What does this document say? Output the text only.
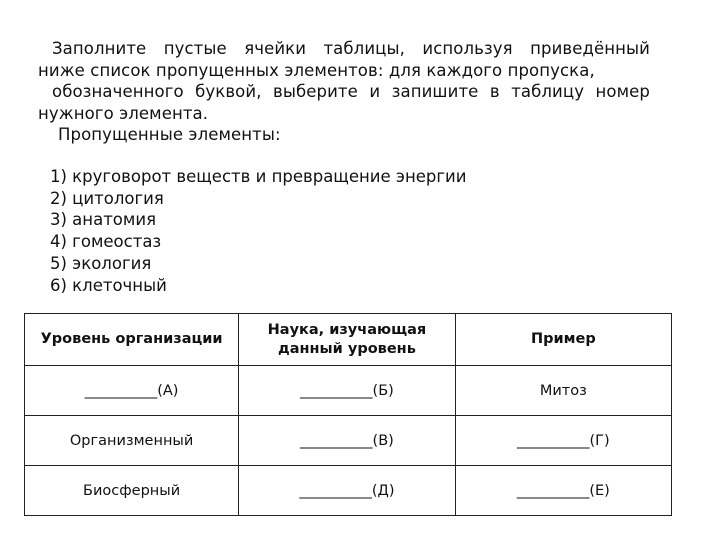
Заполните пустые ячейки таблицы, используя приведённый

ниже список пропущенных элементов: для каждого пропуска,

обозначенного буквой, выберите и запишите в таблицу номер

нужного элемента.

Пропущенные элементы:

1) круговорот веществ и превращение энергии
2) цитология
3) анатомия
4) гомеостаз
5) экология
6) клеточный
Уровень организации	Наука, изучающая данный уровень	Пример
__________(А)	__________(Б)	Митоз
Организменный	__________(В)	__________(Г)
Биосферный	__________(Д)	__________(Е)
